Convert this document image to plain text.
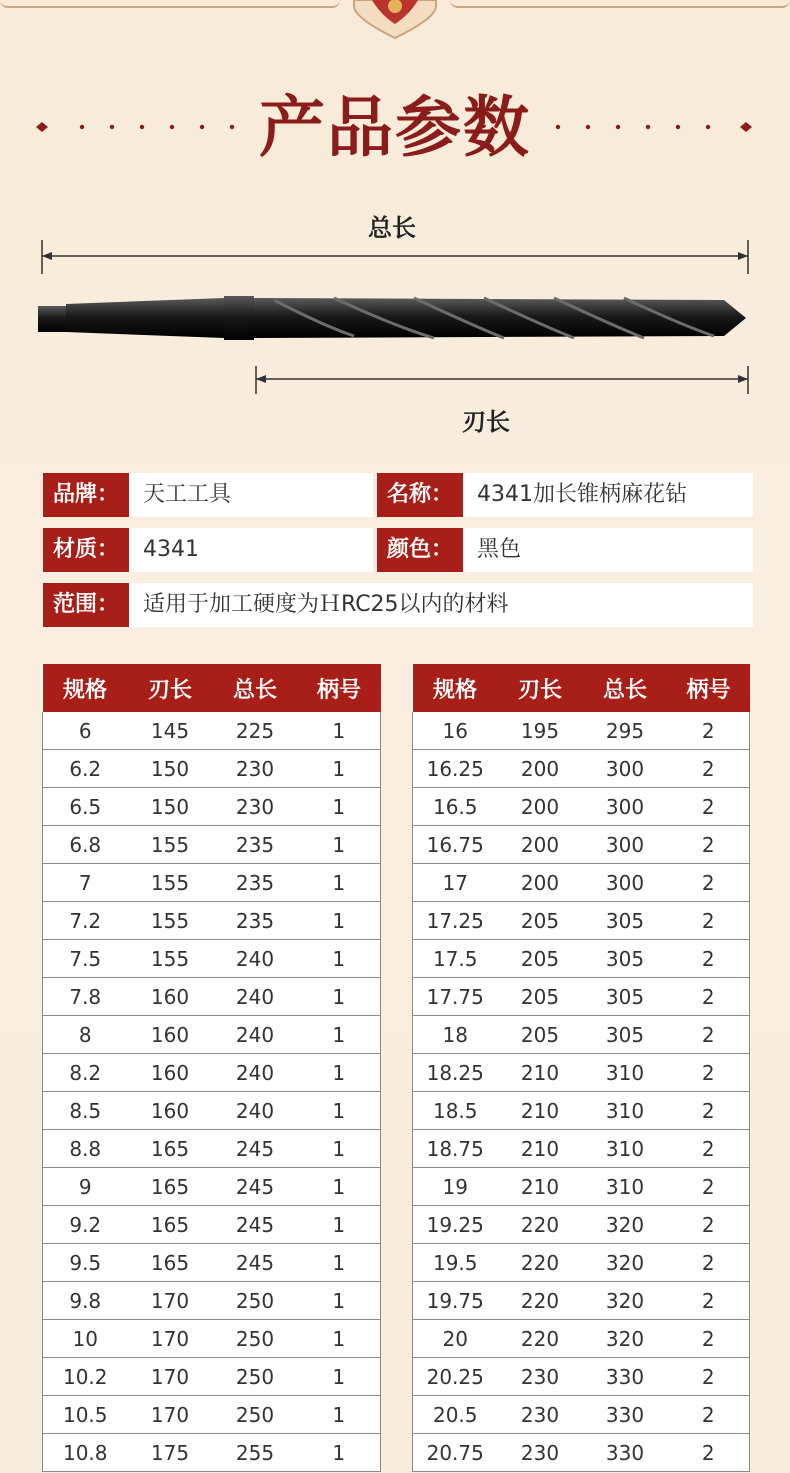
产品参数
总长
刃长
品牌：	天工工具	名称：	4341加长锥柄麻花钻
材质：	4341	颜色：	黑色
范围：	适用于加工硬度为ＨRC25以内的材料
规格	刃长	总长	柄号
6	145	225	1
6.2	150	230	1
6.5	150	230	1
6.8	155	235	1
7	155	235	1
7.2	155	235	1
7.5	155	240	1
7.8	160	240	1
8	160	240	1
8.2	160	240	1
8.5	160	240	1
8.8	165	245	1
9	165	245	1
9.2	165	245	1
9.5	165	245	1
9.8	170	250	1
10	170	250	1
10.2	170	250	1
10.5	170	250	1
10.8	175	255	1
规格	刃长	总长	柄号
16	195	295	2
16.25	200	300	2
16.5	200	300	2
16.75	200	300	2
17	200	300	2
17.25	205	305	2
17.5	205	305	2
17.75	205	305	2
18	205	305	2
18.25	210	310	2
18.5	210	310	2
18.75	210	310	2
19	210	310	2
19.25	220	320	2
19.5	220	320	2
19.75	220	320	2
20	220	320	2
20.25	230	330	2
20.5	230	330	2
20.75	230	330	2
